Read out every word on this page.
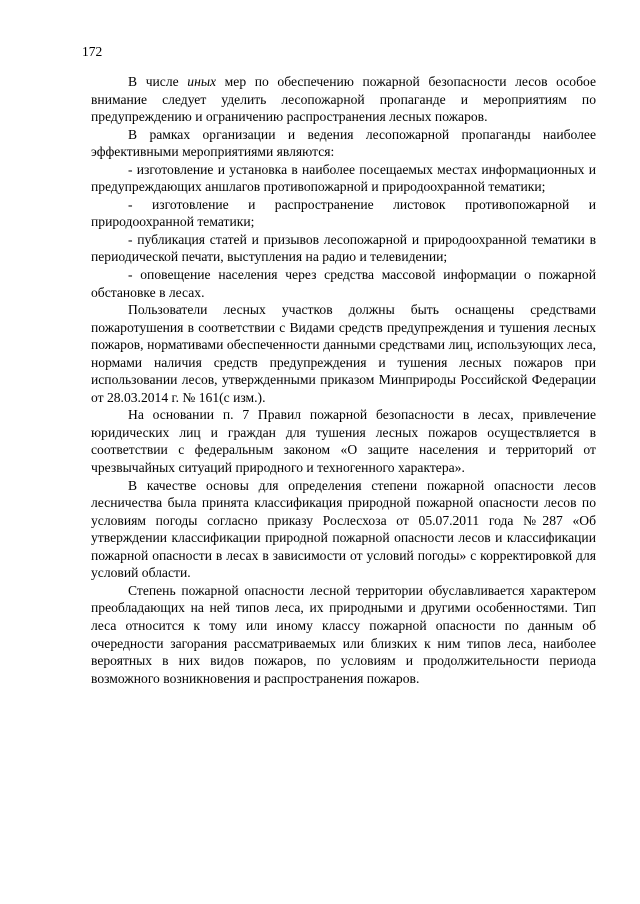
172

В числе иных мер по обеспечению пожарной безопасности лесов особое внимание следует уделить лесопожарной пропаганде и мероприятиям по предупреждению и ограничению распространения лесных пожаров.

В рамках организации и ведения лесопожарной пропаганды наиболее эффективными мероприятиями являются:

- изготовление и установка в наиболее посещаемых местах информационных и предупреждающих аншлагов противопожарной и природоохранной тематики;

- изготовление и распространение листовок противопожарной и природоохранной тематики;

- публикация статей и призывов лесопожарной и природоохранной тематики в периодической печати, выступления на радио и телевидении;

- оповещение населения через средства массовой информации о пожарной обстановке в лесах.

Пользователи лесных участков должны быть оснащены средствами пожаротушения в соответствии с Видами средств предупреждения и тушения лесных пожаров, нормативами обеспеченности данными средствами лиц, использующих леса, нормами наличия средств предупреждения и тушения лесных пожаров при использовании лесов, утвержденными приказом Минприроды Российской Федерации от 28.03.2014 г. № 161(с изм.).

На основании п. 7 Правил пожарной безопасности в лесах, привлечение юридических лиц и граждан для тушения лесных пожаров осуществляется в соответствии с федеральным законом «О защите населения и территорий от чрезвычайных ситуаций природного и техногенного характера».

В качестве основы для определения степени пожарной опасности лесов лесничества была принята классификация природной пожарной опасности лесов по условиям погоды согласно приказу Рослесхоза от 05.07.2011 года №287 «Об утверждении классификации природной пожарной опасности лесов и классификации пожарной опасности в лесах в зависимости от условий погоды» с корректировкой для условий области.

Степень пожарной опасности лесной территории обуславливается характером преобладающих на ней типов леса, их природными и другими особенностями. Тип леса относится к тому или иному классу пожарной опасности по данным об очередности загорания рассматриваемых или близких к ним типов леса, наиболее вероятных в них видов пожаров, по условиям и продолжительности периода возможного возникновения и распространения пожаров.
